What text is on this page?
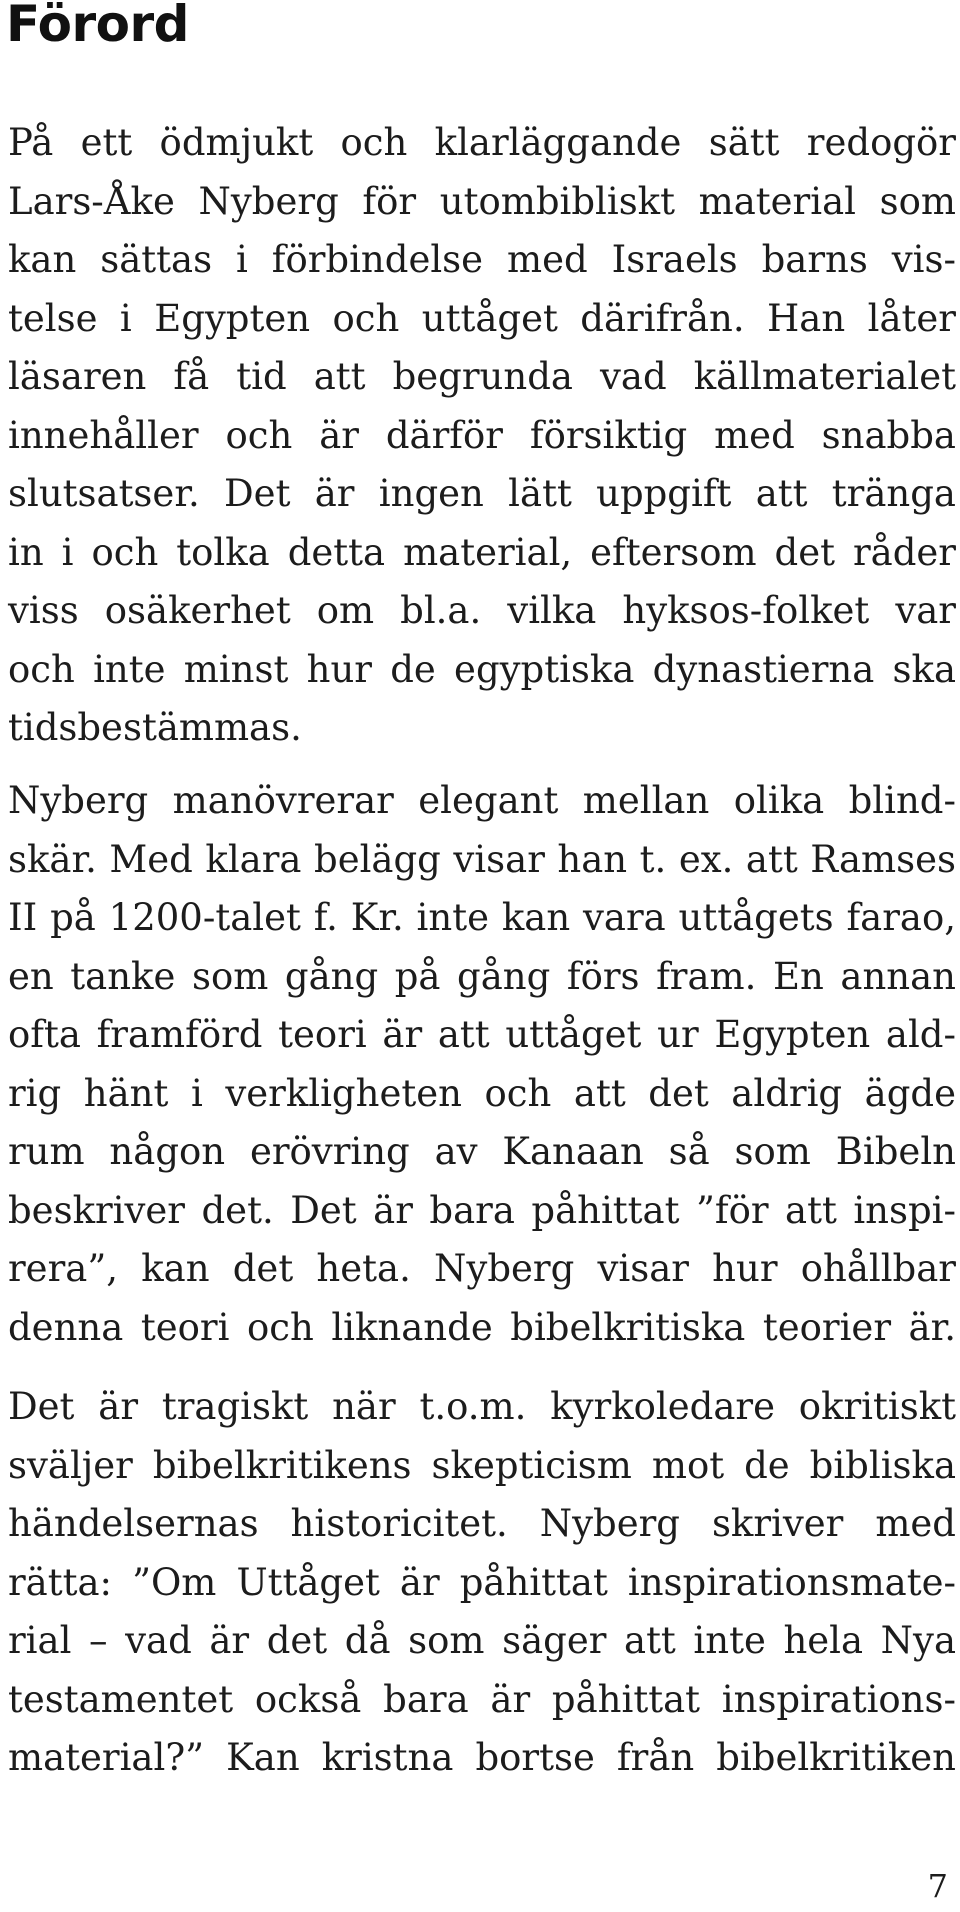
Förord
På ett ödmjukt och klarläggande sätt redogör
Lars-Åke Nyberg för utombibliskt material som
kan sättas i förbindelse med Israels barns vis-
telse i Egypten och uttåget därifrån. Han låter
läsaren få tid att begrunda vad källmaterialet
innehåller och är därför försiktig med snabba
slutsatser. Det är ingen lätt uppgift att tränga
in i och tolka detta material, eftersom det råder
viss osäkerhet om bl.a. vilka hyksos-folket var
och inte minst hur de egyptiska dynastierna ska
tidsbestämmas.
Nyberg manövrerar elegant mellan olika blind-
skär. Med klara belägg visar han t. ex. att Ramses
II på 1200-talet f. Kr. inte kan vara uttågets farao,
en tanke som gång på gång förs fram. En annan
ofta framförd teori är att uttåget ur Egypten ald-
rig hänt i verkligheten och att det aldrig ägde
rum någon erövring av Kanaan så som Bibeln
beskriver det. Det är bara påhittat ”för att inspi-
rera”, kan det heta. Nyberg visar hur ohållbar
denna teori och liknande bibelkritiska teorier är.
Det är tragiskt när t.o.m. kyrkoledare okritiskt
sväljer bibelkritikens skepticism mot de bibliska
händelsernas historicitet. Nyberg skriver med
rätta: ”Om Uttåget är påhittat inspirationsmate-
rial – vad är det då som säger att inte hela Nya
testamentet också bara är påhittat inspirations-
material?” Kan kristna bortse från bibelkritiken
7
